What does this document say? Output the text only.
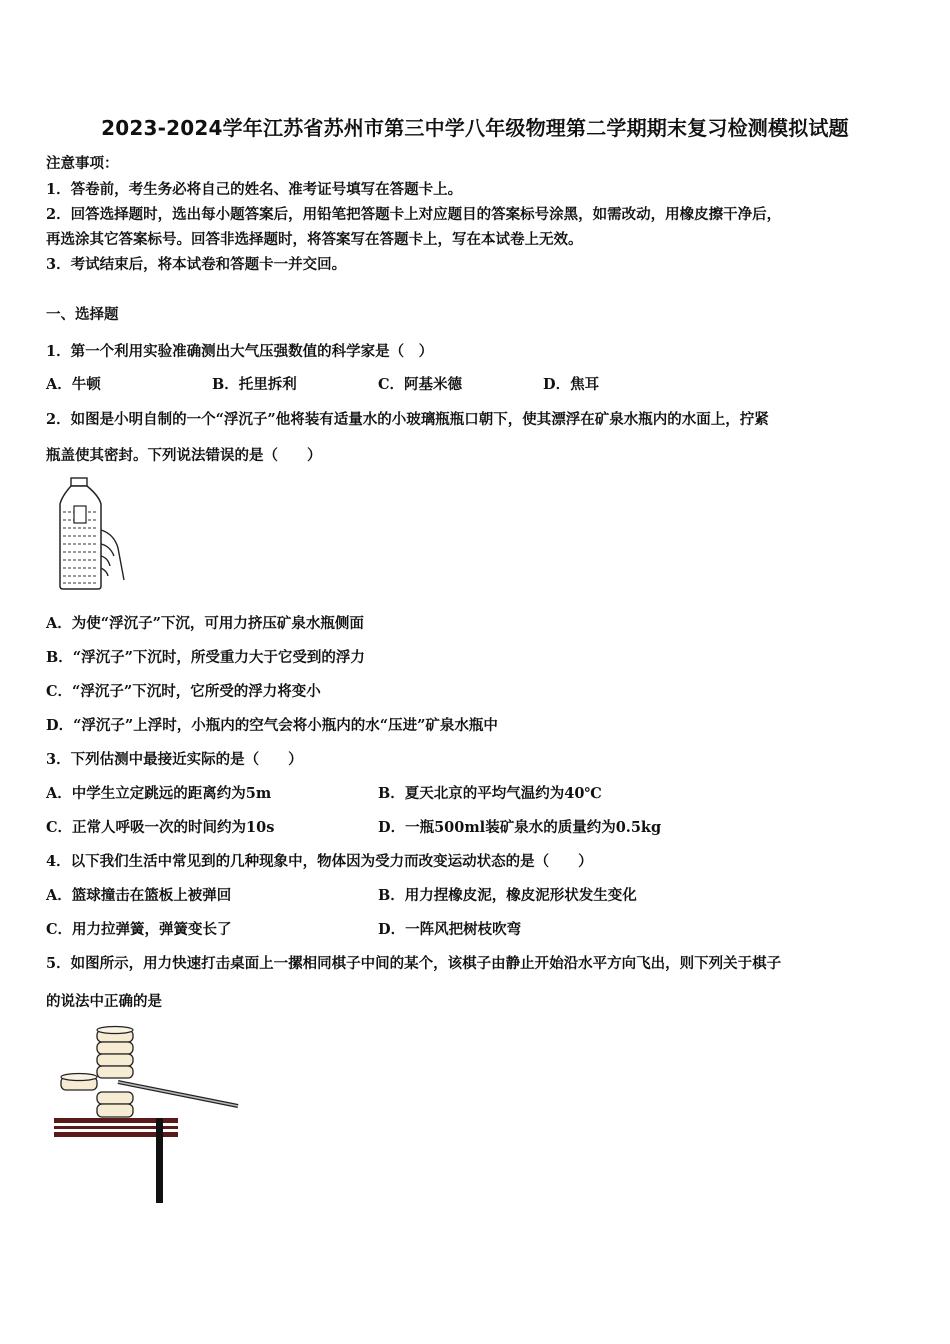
2023-2024学年江苏省苏州市第三中学八年级物理第二学期期末复习检测模拟试题
注意事项：
1．答卷前，考生务必将自己的姓名、准考证号填写在答题卡上。
2．回答选择题时，选出每小题答案后，用铅笔把答题卡上对应题目的答案标号涂黑，如需改动，用橡皮擦干净后，
再选涂其它答案标号。回答非选择题时，将答案写在答题卡上，写在本试卷上无效。
3．考试结束后，将本试卷和答题卡一并交回。
一、选择题
1．第一个利用实验准确测出大气压强数值的科学家是（　）
A．牛顿	B．托里拆利	C．阿基米德	D．焦耳
2．如图是小明自制的一个“浮沉子”他将装有适量水的小玻璃瓶瓶口朝下，使其漂浮在矿泉水瓶内的水面上，拧紧
瓶盖使其密封。下列说法错误的是（　　）
A．为使“浮沉子”下沉，可用力挤压矿泉水瓶侧面
B．“浮沉子”下沉时，所受重力大于它受到的浮力
C．“浮沉子”下沉时，它所受的浮力将变小
D．“浮沉子”上浮时，小瓶内的空气会将小瓶内的水“压进”矿泉水瓶中
3．下列估测中最接近实际的是（　　）
A．中学生立定跳远的距离约为5m	B．夏天北京的平均气温约为40℃
C．正常人呼吸一次的时间约为10s	D．一瓶500ml装矿泉水的质量约为0.5kg
4．以下我们生活中常见到的几种现象中，物体因为受力而改变运动状态的是（　　）
A．篮球撞击在篮板上被弹回	B．用力捏橡皮泥，橡皮泥形状发生变化
C．用力拉弹簧，弹簧变长了	D．一阵风把树枝吹弯
5．如图所示，用力快速打击桌面上一摞相同棋子中间的某个，该棋子由静止开始沿水平方向飞出，则下列关于棋子
的说法中正确的是
